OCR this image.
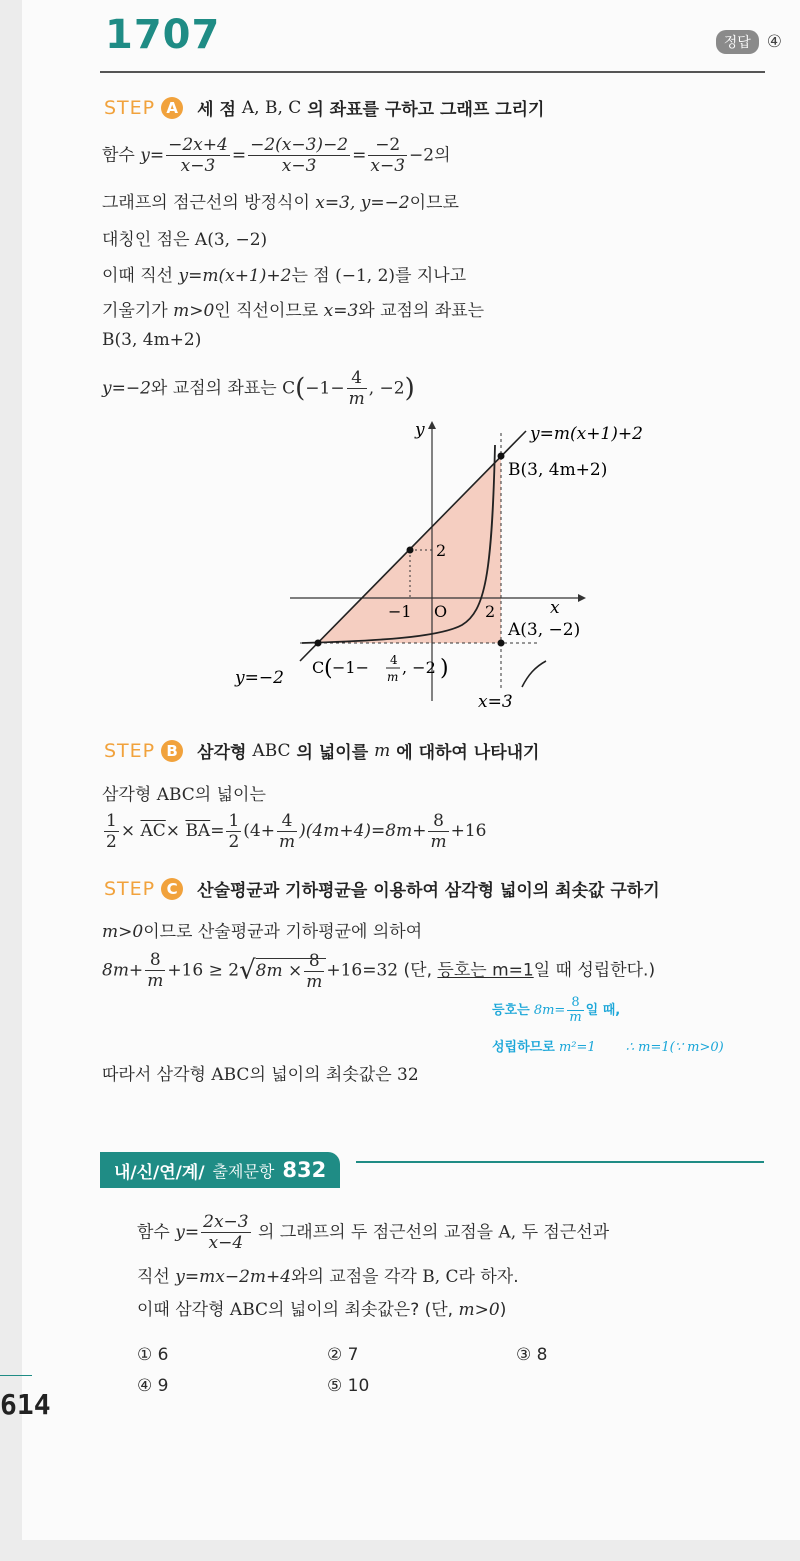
1707	정답 ④
STEP A	세 점 A, B, C 의 좌표를 구하고 그래프 그리기
함수 $y= \frac{-2x+4}{x-3} = \frac{-2(x-3)-2}{x-3} = \frac{-2}{x-3} -2$의
그래프의 점근선의 방정식이 x=3, y=−2이므로
대칭인 점은 A(3, −2)
이때 직선 y=m(x+1)+2는 점 (−1, 2)를 지나고
기울기가 m>0인 직선이므로 x=3와 교점의 좌표는
B(3, 4m+2)
y=−2와 교점의 좌표는 $C(-1- \frac{4}{m}$ , −2)
y
x
O
y=m(x+1)+2
B(3, 4m+2)
A(3, −2)
−1	2
2
y=−2
x=3
C ( −1− 4
m , −2 )
STEP B	삼각형 ABC 의 넓이를 m 에 대하여 나타내기
삼각형 ABC의 넓이는
$\frac{1}{2} \times \overline{AC}\times \overline{BA}= \frac{1}{2} (4+ \frac{4}{m} )(4m+4)=8m+ \frac{8}{m} +16$
STEP C	산술평균과 기하평균을 이용하여 삼각형 넓이의 최솟값 구하기
m>0이므로 산술평균과 기하평균에 의하여
$8m+ \frac{8}{m} +16 \ge 2√8m \times \frac{8}{m} +16=32$ (단, 등호는 m=1일 때 성립한다.)
등호는 $8m= \frac{8}{m}$ 일 때,
성립하므로 m²=1 ∴ m=1(∵ m>0)
따라서 삼각형 ABC의 넓이의 최솟값은 32
내/신/연/계/ 출제문항 832
함수 $y= \frac{2x-3}{x-4}$ 의 그래프의 두 점근선의 교점을 A, 두 점근선과
직선 y=mx−2m+4와의 교점을 각각 B, C라 하자.
이때 삼각형 ABC의 넓이의 최솟값은? (단, m>0)
① 6	② 7	③ 8
④ 9	⑤ 10
614
